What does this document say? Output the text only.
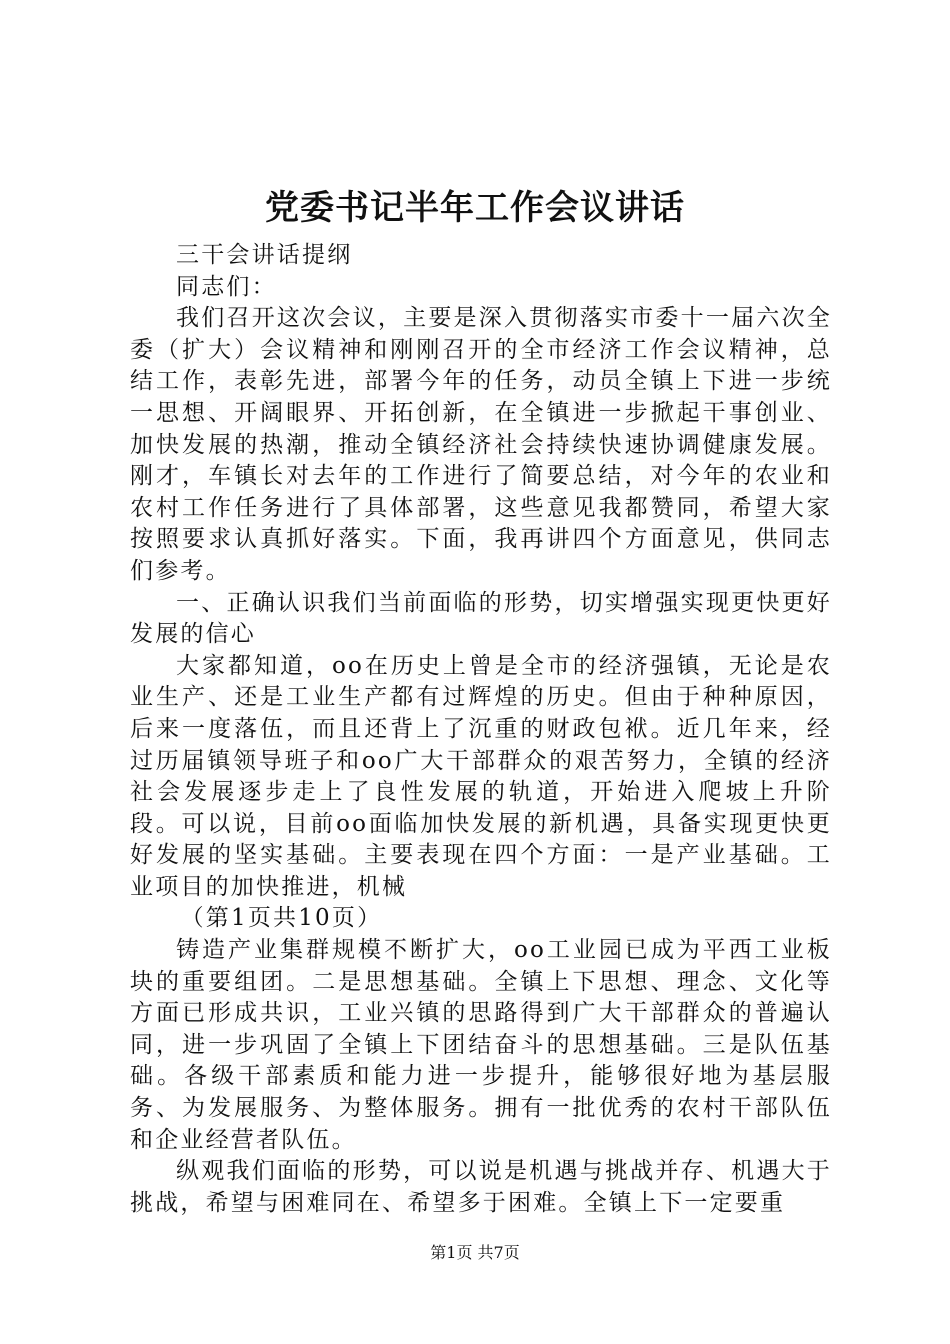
党委书记半年工作会议讲话

三干会讲话提纲

同志们：

我们召开这次会议，主要是深入贯彻落实市委十一届六次全委（扩大）会议精神和刚刚召开的全市经济工作会议精神，总结工作，表彰先进，部署今年的任务，动员全镇上下进一步统一思想、开阔眼界、开拓创新，在全镇进一步掀起干事创业、加快发展的热潮，推动全镇经济社会持续快速协调健康发展。刚才，车镇长对去年的工作进行了简要总结，对今年的农业和农村工作任务进行了具体部署，这些意见我都赞同，希望大家按照要求认真抓好落实。下面，我再讲四个方面意见，供同志们参考。

一、正确认识我们当前面临的形势，切实增强实现更快更好发展的信心

大家都知道，oo在历史上曾是全市的经济强镇，无论是农业生产、还是工业生产都有过辉煌的历史。但由于种种原因，后来一度落伍，而且还背上了沉重的财政包袱。近几年来，经过历届镇领导班子和oo广大干部群众的艰苦努力，全镇的经济社会发展逐步走上了良性发展的轨道，开始进入爬坡上升阶段。可以说，目前oo面临加快发展的新机遇，具备实现更快更好发展的坚实基础。主要表现在四个方面：一是产业基础。工业项目的加快推进，机械

（第1页共10页）

铸造产业集群规模不断扩大，oo工业园已成为平西工业板块的重要组团。二是思想基础。全镇上下思想、理念、文化等方面已形成共识，工业兴镇的思路得到广大干部群众的普遍认同，进一步巩固了全镇上下团结奋斗的思想基础。三是队伍基础。各级干部素质和能力进一步提升，能够很好地为基层服务、为发展服务、为整体服务。拥有一批优秀的农村干部队伍和企业经营者队伍。

纵观我们面临的形势，可以说是机遇与挑战并存、机遇大于挑战，希望与困难同在、希望多于困难。全镇上下一定要重

第1页 共7页
